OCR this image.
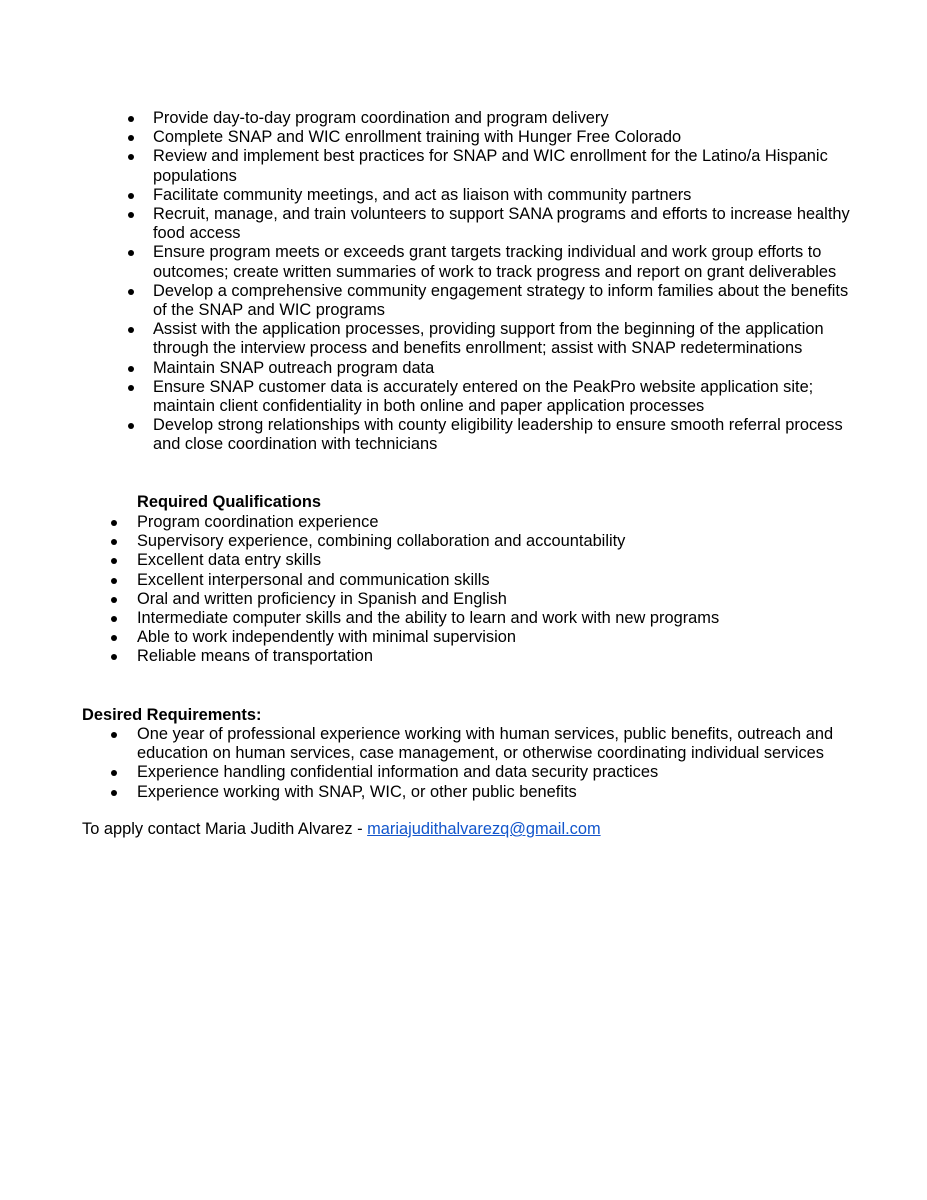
Provide day-to-day program coordination and program delivery
Complete SNAP and WIC enrollment training with Hunger Free Colorado
Review and implement best practices for SNAP and WIC enrollment for the Latino/a Hispanic populations
Facilitate community meetings, and act as liaison with community partners
Recruit, manage, and train volunteers to support SANA programs and efforts to increase healthy food access
Ensure program meets or exceeds grant targets tracking individual and work group efforts to outcomes; create written summaries of work to track progress and report on grant deliverables
Develop a comprehensive community engagement strategy to inform families about the benefits of the SNAP and WIC programs
Assist with the application processes, providing support from the beginning of the application through the interview process and benefits enrollment; assist with SNAP redeterminations
Maintain SNAP outreach program data
Ensure SNAP customer data is accurately entered on the PeakPro website application site; maintain client confidentiality in both online and paper application processes
Develop strong relationships with county eligibility leadership to ensure smooth referral process and close coordination with technicians

Required Qualifications

Program coordination experience
Supervisory experience, combining collaboration and accountability
Excellent data entry skills
Excellent interpersonal and communication skills
Oral and written proficiency in Spanish and English
Intermediate computer skills and the ability to learn and work with new programs
Able to work independently with minimal supervision
Reliable means of transportation

Desired Requirements:

One year of professional experience working with human services, public benefits, outreach and education on human services, case management, or otherwise coordinating individual services
Experience handling confidential information and data security practices
Experience working with SNAP, WIC, or other public benefits

To apply contact Maria Judith Alvarez - mariajudithalvarezq@gmail.com
